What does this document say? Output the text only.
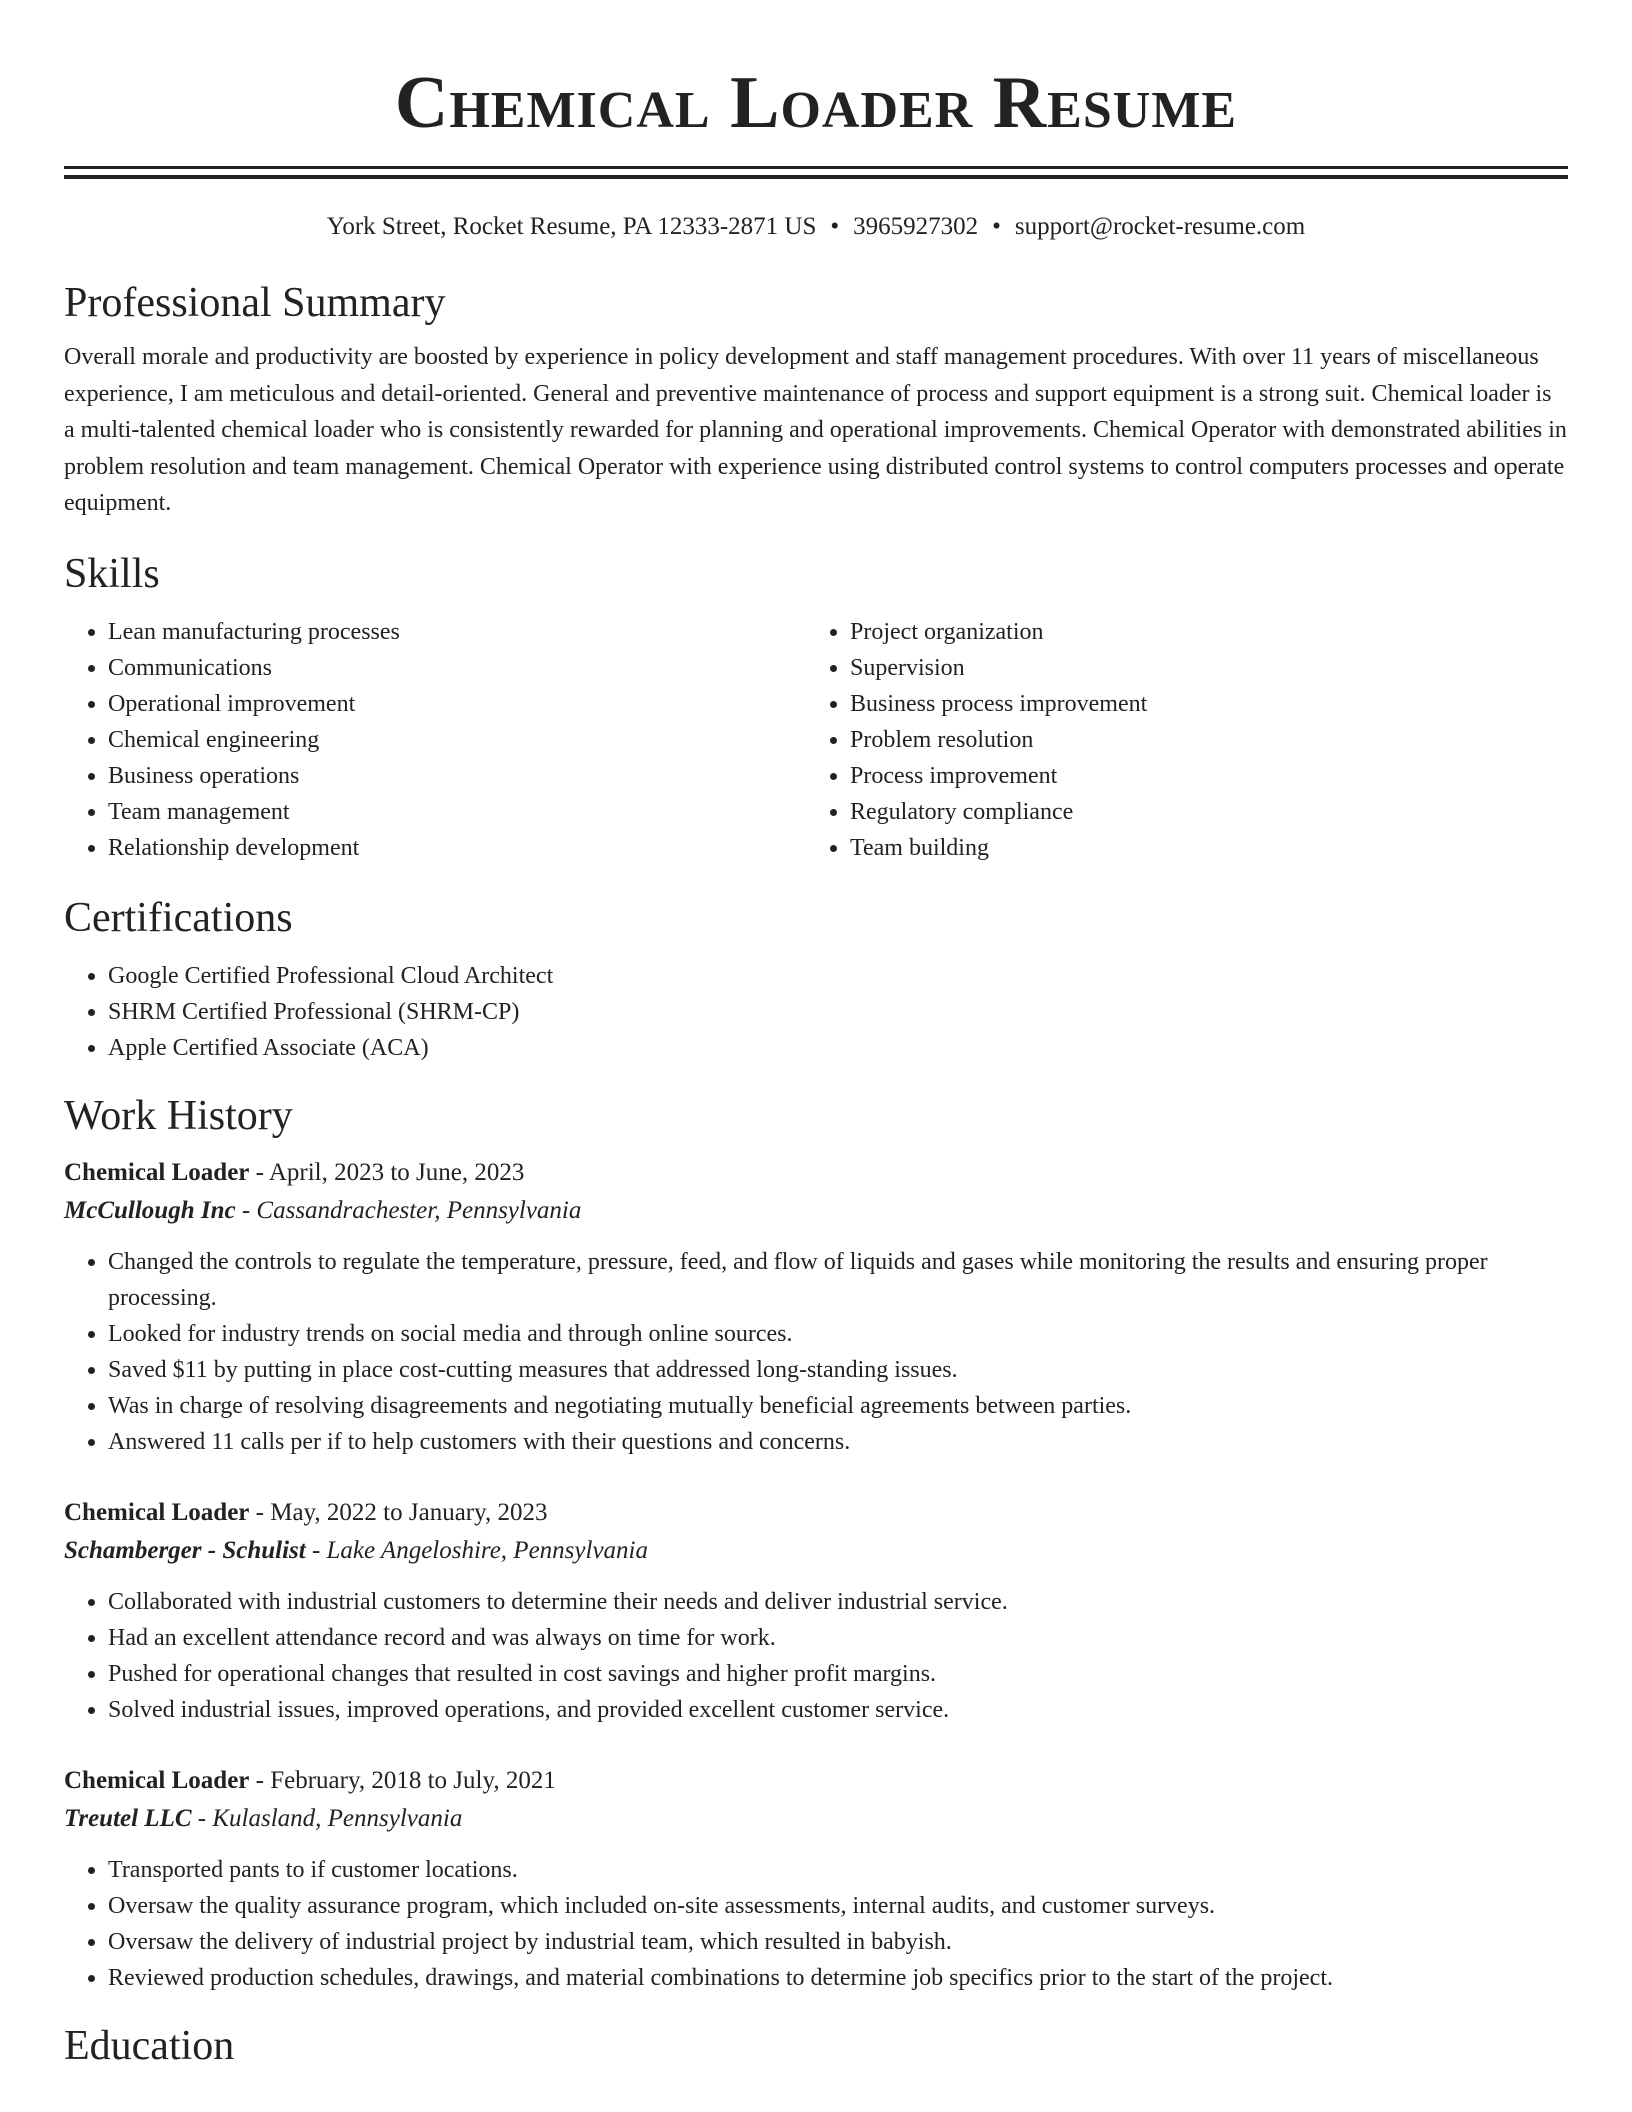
Chemical Loader Resume
York Street, Rocket Resume, PA 12333-2871 US • 3965927302 • support@rocket-resume.com
Professional Summary

Overall morale and productivity are boosted by experience in policy development and staff management procedures. With over 11 years of miscellaneous experience, I am meticulous and detail-oriented. General and preventive maintenance of process and support equipment is a strong suit. Chemical loader is a multi-talented chemical loader who is consistently rewarded for planning and operational improvements. Chemical Operator with demonstrated abilities in problem resolution and team management. Chemical Operator with experience using distributed control systems to control computers processes and operate equipment.

Skills
• Lean manufacturing processes
• Communications
• Operational improvement
• Chemical engineering
• Business operations
• Team management
• Relationship development
• Project organization
• Supervision
• Business process improvement
• Problem resolution
• Process improvement
• Regulatory compliance
• Team building
Certifications
• Google Certified Professional Cloud Architect
• SHRM Certified Professional (SHRM-CP)
• Apple Certified Associate (ACA)
Work History
Chemical Loader - April, 2023 to June, 2023
McCullough Inc - Cassandrachester, Pennsylvania
• Changed the controls to regulate the temperature, pressure, feed, and flow of liquids and gases while monitoring the results and ensuring proper processing.
• Looked for industry trends on social media and through online sources.
• Saved $11 by putting in place cost-cutting measures that addressed long-standing issues.
• Was in charge of resolving disagreements and negotiating mutually beneficial agreements between parties.
• Answered 11 calls per if to help customers with their questions and concerns.
Chemical Loader - May, 2022 to January, 2023
Schamberger - Schulist - Lake Angeloshire, Pennsylvania
• Collaborated with industrial customers to determine their needs and deliver industrial service.
• Had an excellent attendance record and was always on time for work.
• Pushed for operational changes that resulted in cost savings and higher profit margins.
• Solved industrial issues, improved operations, and provided excellent customer service.
Chemical Loader - February, 2018 to July, 2021
Treutel LLC - Kulasland, Pennsylvania
• Transported pants to if customer locations.
• Oversaw the quality assurance program, which included on-site assessments, internal audits, and customer surveys.
• Oversaw the delivery of industrial project by industrial team, which resulted in babyish.
• Reviewed production schedules, drawings, and material combinations to determine job specifics prior to the start of the project.
Education
